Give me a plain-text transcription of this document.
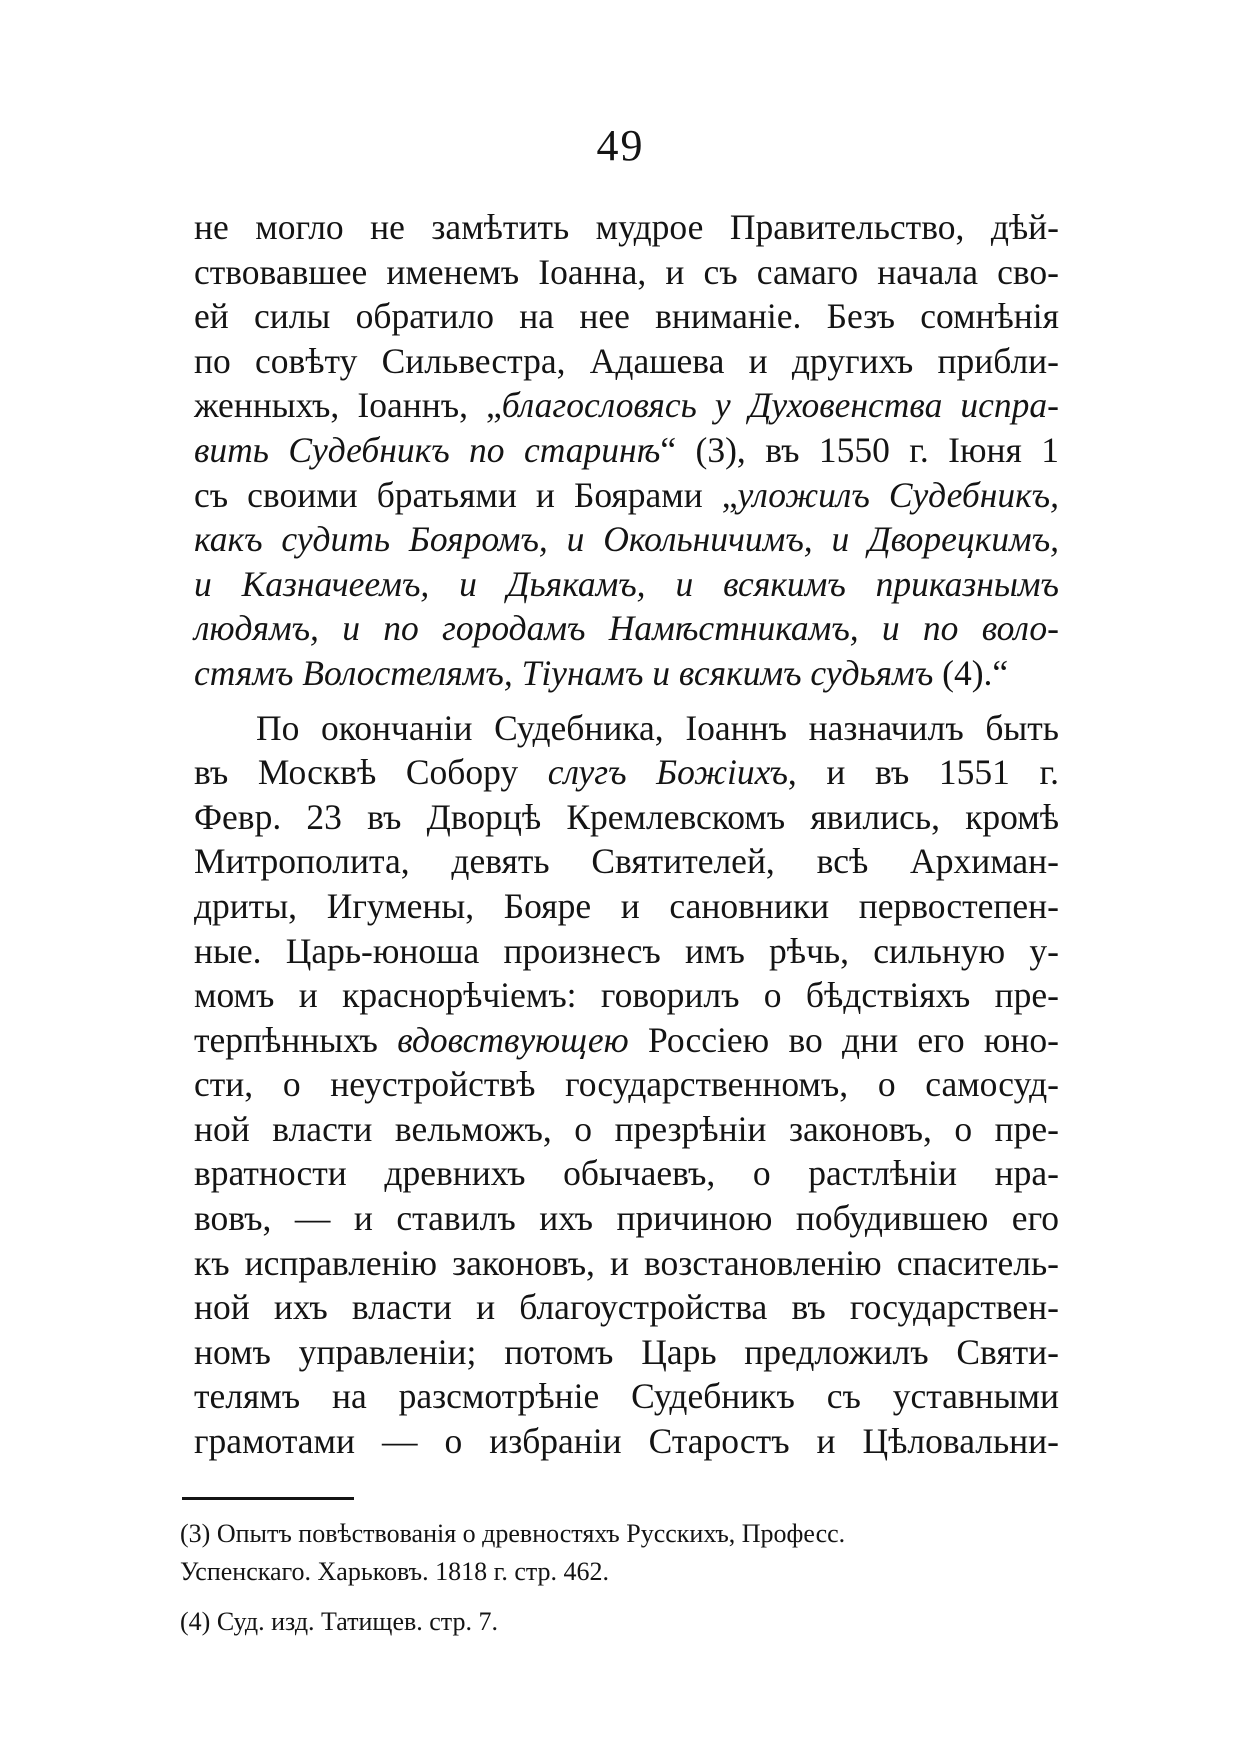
49
не могло не замѣтить мудрое Правительство, дѣй-
ствовавшее именемъ Іоанна, и съ самаго начала сво-
ей силы обратило на нее вниманіе. Безъ сомнѣнія
по совѣту Сильвестра, Адашева и другихъ прибли-
женныхъ, Іоаннъ, „благословясь у Духовенства испра-
вить Судебникъ по старинѣ“ (3), въ 1550 г. Іюня 1
съ своими братьями и Боярами „уложилъ Судебникъ,
какъ судить Бояромъ, и Окольничимъ, и Дворецкимъ,
и Казначеемъ, и Дьякамъ, и всякимъ приказнымъ
людямъ, и по городамъ Намѣстникамъ, и по воло-
стямъ Волостелямъ, Тіунамъ и всякимъ судьямъ (4).“
По окончаніи Судебника, Іоаннъ назначилъ быть
въ Москвѣ Собору слугъ Божіихъ, и въ 1551 г.
Февр. 23 въ Дворцѣ Кремлевскомъ явились, кромѣ
Митрополита, девять Святителей, всѣ Архиман-
дриты, Игумены, Бояре и сановники первостепен-
ные. Царь-юноша произнесъ имъ рѣчь, сильную у-
момъ и краснорѣчіемъ: говорилъ о бѣдствіяхъ пре-
терпѣнныхъ вдовствующею Россіею во дни его юно-
сти, о неустройствѣ государственномъ, о самосуд-
ной власти вельможъ, о презрѣніи законовъ, о пре-
вратности древнихъ обычаевъ, о растлѣніи нра-
вовъ, — и ставилъ ихъ причиною побудившею его
къ исправленію законовъ, и возстановленію спаситель-
ной ихъ власти и благоустройства въ государствен-
номъ управленіи; потомъ Царь предложилъ Святи-
телямъ на разсмотрѣніе Судебникъ съ уставными
грамотами — о избраніи Старостъ и Цѣловальни-
(3) Опытъ повѣствованія о древностяхъ Русскихъ, Професс.
Успенскаго. Харьковъ. 1818 г. стр. 462.
(4) Суд. изд. Татищев. стр. 7.
